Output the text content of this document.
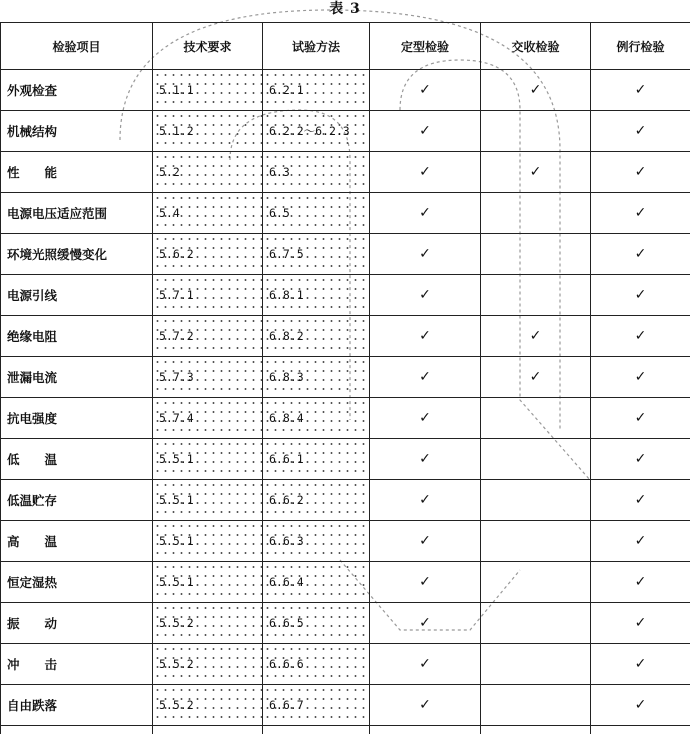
表 3
检验项目	技术要求	试验方法	定型检验	交收检验	例行检验
外观检查	5.1.1	6.2.1	✓	✓	✓
机械结构	5.1.2	6.2.2～6.2.3	✓		✓
性　　能	5.2	6.3	✓	✓	✓
电源电压适应范围	5.4	6.5	✓		✓
环境光照缓慢变化	5.6.2	6.7.5	✓		✓
电源引线	5.7.1	6.8.1	✓		✓
绝缘电阻	5.7.2	6.8.2	✓	✓	✓
泄漏电流	5.7.3	6.8.3	✓	✓	✓
抗电强度	5.7.4	6.8.4	✓		✓
低　　温	5.5.1	6.6.1	✓		✓
低温贮存	5.5.1	6.6.2	✓		✓
高　　温	5.5.1	6.6.3	✓		✓
恒定湿热	5.5.1	6.6.4	✓		✓
振　　动	5.5.2	6.6.5	✓		✓
冲　　击	5.5.2	6.6.6	✓		✓
自由跌落	5.5.2	6.6.7	✓		✓
